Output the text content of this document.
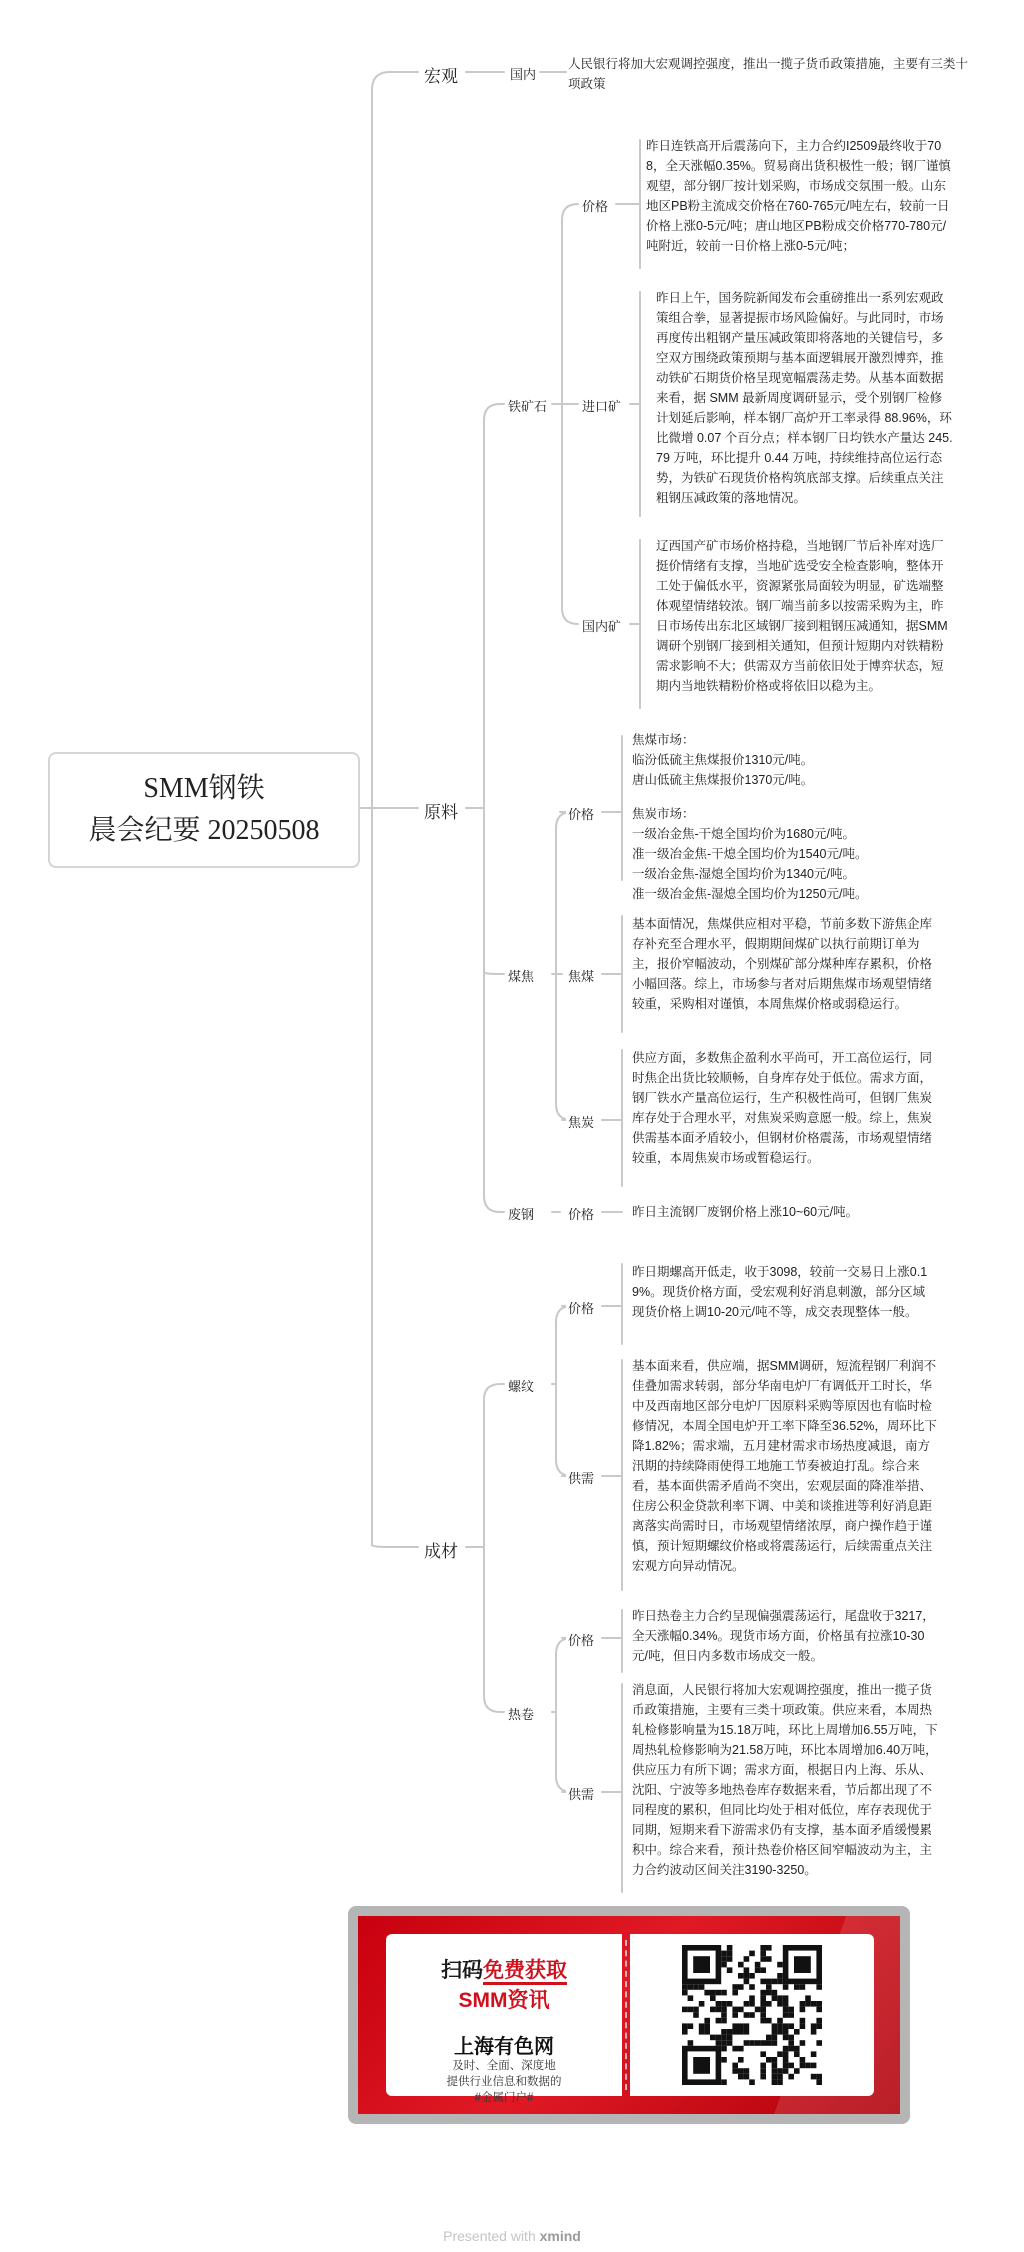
SMM钢铁
晨会纪要 20250508
宏观	国内
人民银行将加大宏观调控强度，推出一揽子货币政策措施，主要有三类十项政策
原料
铁矿石
价格
昨日连铁高开后震荡向下，主力合约I2509最终收于708，全天涨幅0.35%。贸易商出货积极性一般；钢厂谨慎观望，部分钢厂按计划采购，市场成交氛围一般。山东地区PB粉主流成交价格在760-765元/吨左右，较前一日价格上涨0-5元/吨；唐山地区PB粉成交价格770-780元/吨附近，较前一日价格上涨0-5元/吨；
进口矿
昨日上午，国务院新闻发布会重磅推出一系列宏观政策组合拳，显著提振市场风险偏好。与此同时，市场再度传出粗钢产量压减政策即将落地的关键信号，多空双方围绕政策预期与基本面逻辑展开激烈博弈，推动铁矿石期货价格呈现宽幅震荡走势。从基本面数据来看，据 SMM 最新周度调研显示，受个别钢厂检修计划延后影响，样本钢厂高炉开工率录得 88.96%，环比微增 0.07 个百分点；样本钢厂日均铁水产量达 245.79 万吨，环比提升 0.44 万吨，持续维持高位运行态势，为铁矿石现货价格构筑底部支撑。后续重点关注粗钢压减政策的落地情况。
国内矿
辽西国产矿市场价格持稳，当地钢厂节后补库对选厂挺价情绪有支撑，当地矿选受安全检查影响，整体开工处于偏低水平，资源紧张局面较为明显，矿选端整体观望情绪较浓。钢厂端当前多以按需采购为主，昨日市场传出东北区域钢厂接到粗钢压减通知，据SMM调研个别钢厂接到相关通知，但预计短期内对铁精粉需求影响不大；供需双方当前依旧处于博弈状态，短期内当地铁精粉价格或将依旧以稳为主。
煤焦
价格

焦煤市场：

临汾低硫主焦煤报价1310元/吨。

唐山低硫主焦煤报价1370元/吨。

焦炭市场：

一级冶金焦-干熄全国均价为1680元/吨。

准一级冶金焦-干熄全国均价为1540元/吨。

一级冶金焦-湿熄全国均价为1340元/吨。

准一级冶金焦-湿熄全国均价为1250元/吨。

焦煤
基本面情况，焦煤供应相对平稳，节前多数下游焦企库存补充至合理水平，假期期间煤矿以执行前期订单为主，报价窄幅波动，个别煤矿部分煤种库存累积，价格小幅回落。综上，市场参与者对后期焦煤市场观望情绪较重，采购相对谨慎，本周焦煤价格或弱稳运行。
焦炭
供应方面，多数焦企盈利水平尚可，开工高位运行，同时焦企出货比较顺畅，自身库存处于低位。需求方面，钢厂铁水产量高位运行，生产积极性尚可，但钢厂焦炭库存处于合理水平，对焦炭采购意愿一般。综上，焦炭供需基本面矛盾较小，但钢材价格震荡，市场观望情绪较重，本周焦炭市场或暂稳运行。
废钢	价格	昨日主流钢厂废钢价格上涨10~60元/吨。
成材
螺纹
价格
昨日期螺高开低走，收于3098，较前一交易日上涨0.19%。现货价格方面，受宏观利好消息刺激，部分区域现货价格上调10-20元/吨不等，成交表现整体一般。
供需
基本面来看，供应端，据SMM调研，短流程钢厂利润不佳叠加需求转弱，部分华南电炉厂有调低开工时长，华中及西南地区部分电炉厂因原料采购等原因也有临时检修情况，本周全国电炉开工率下降至36.52%，周环比下降1.82%；需求端，五月建材需求市场热度减退，南方汛期的持续降雨使得工地施工节奏被迫打乱。综合来看，基本面供需矛盾尚不突出，宏观层面的降准举措、住房公积金贷款利率下调、中美和谈推进等利好消息距离落实尚需时日，市场观望情绪浓厚，商户操作趋于谨慎，预计短期螺纹价格或将震荡运行，后续需重点关注宏观方向异动情况。
热卷
价格
昨日热卷主力合约呈现偏强震荡运行，尾盘收于3217，全天涨幅0.34%。现货市场方面，价格虽有拉涨10-30元/吨，但日内多数市场成交一般。
供需
消息面，人民银行将加大宏观调控强度，推出一揽子货币政策措施，主要有三类十项政策。供应来看，本周热轧检修影响量为15.18万吨，环比上周增加6.55万吨，下周热轧检修影响为21.58万吨，环比本周增加6.40万吨，供应压力有所下调；需求方面，根据日内上海、乐从、沈阳、宁波等多地热卷库存数据来看，节后都出现了不同程度的累积，但同比均处于相对低位，库存表现优于同期，短期来看下游需求仍有支撑，基本面矛盾缓慢累积中。综合来看，预计热卷价格区间窄幅波动为主，主力合约波动区间关注3190-3250。
扫码免费获取
SMM资讯
上海有色网
及时、全面、深度地
提供行业信息和数据的
#金属门户#
Presented with xmind
